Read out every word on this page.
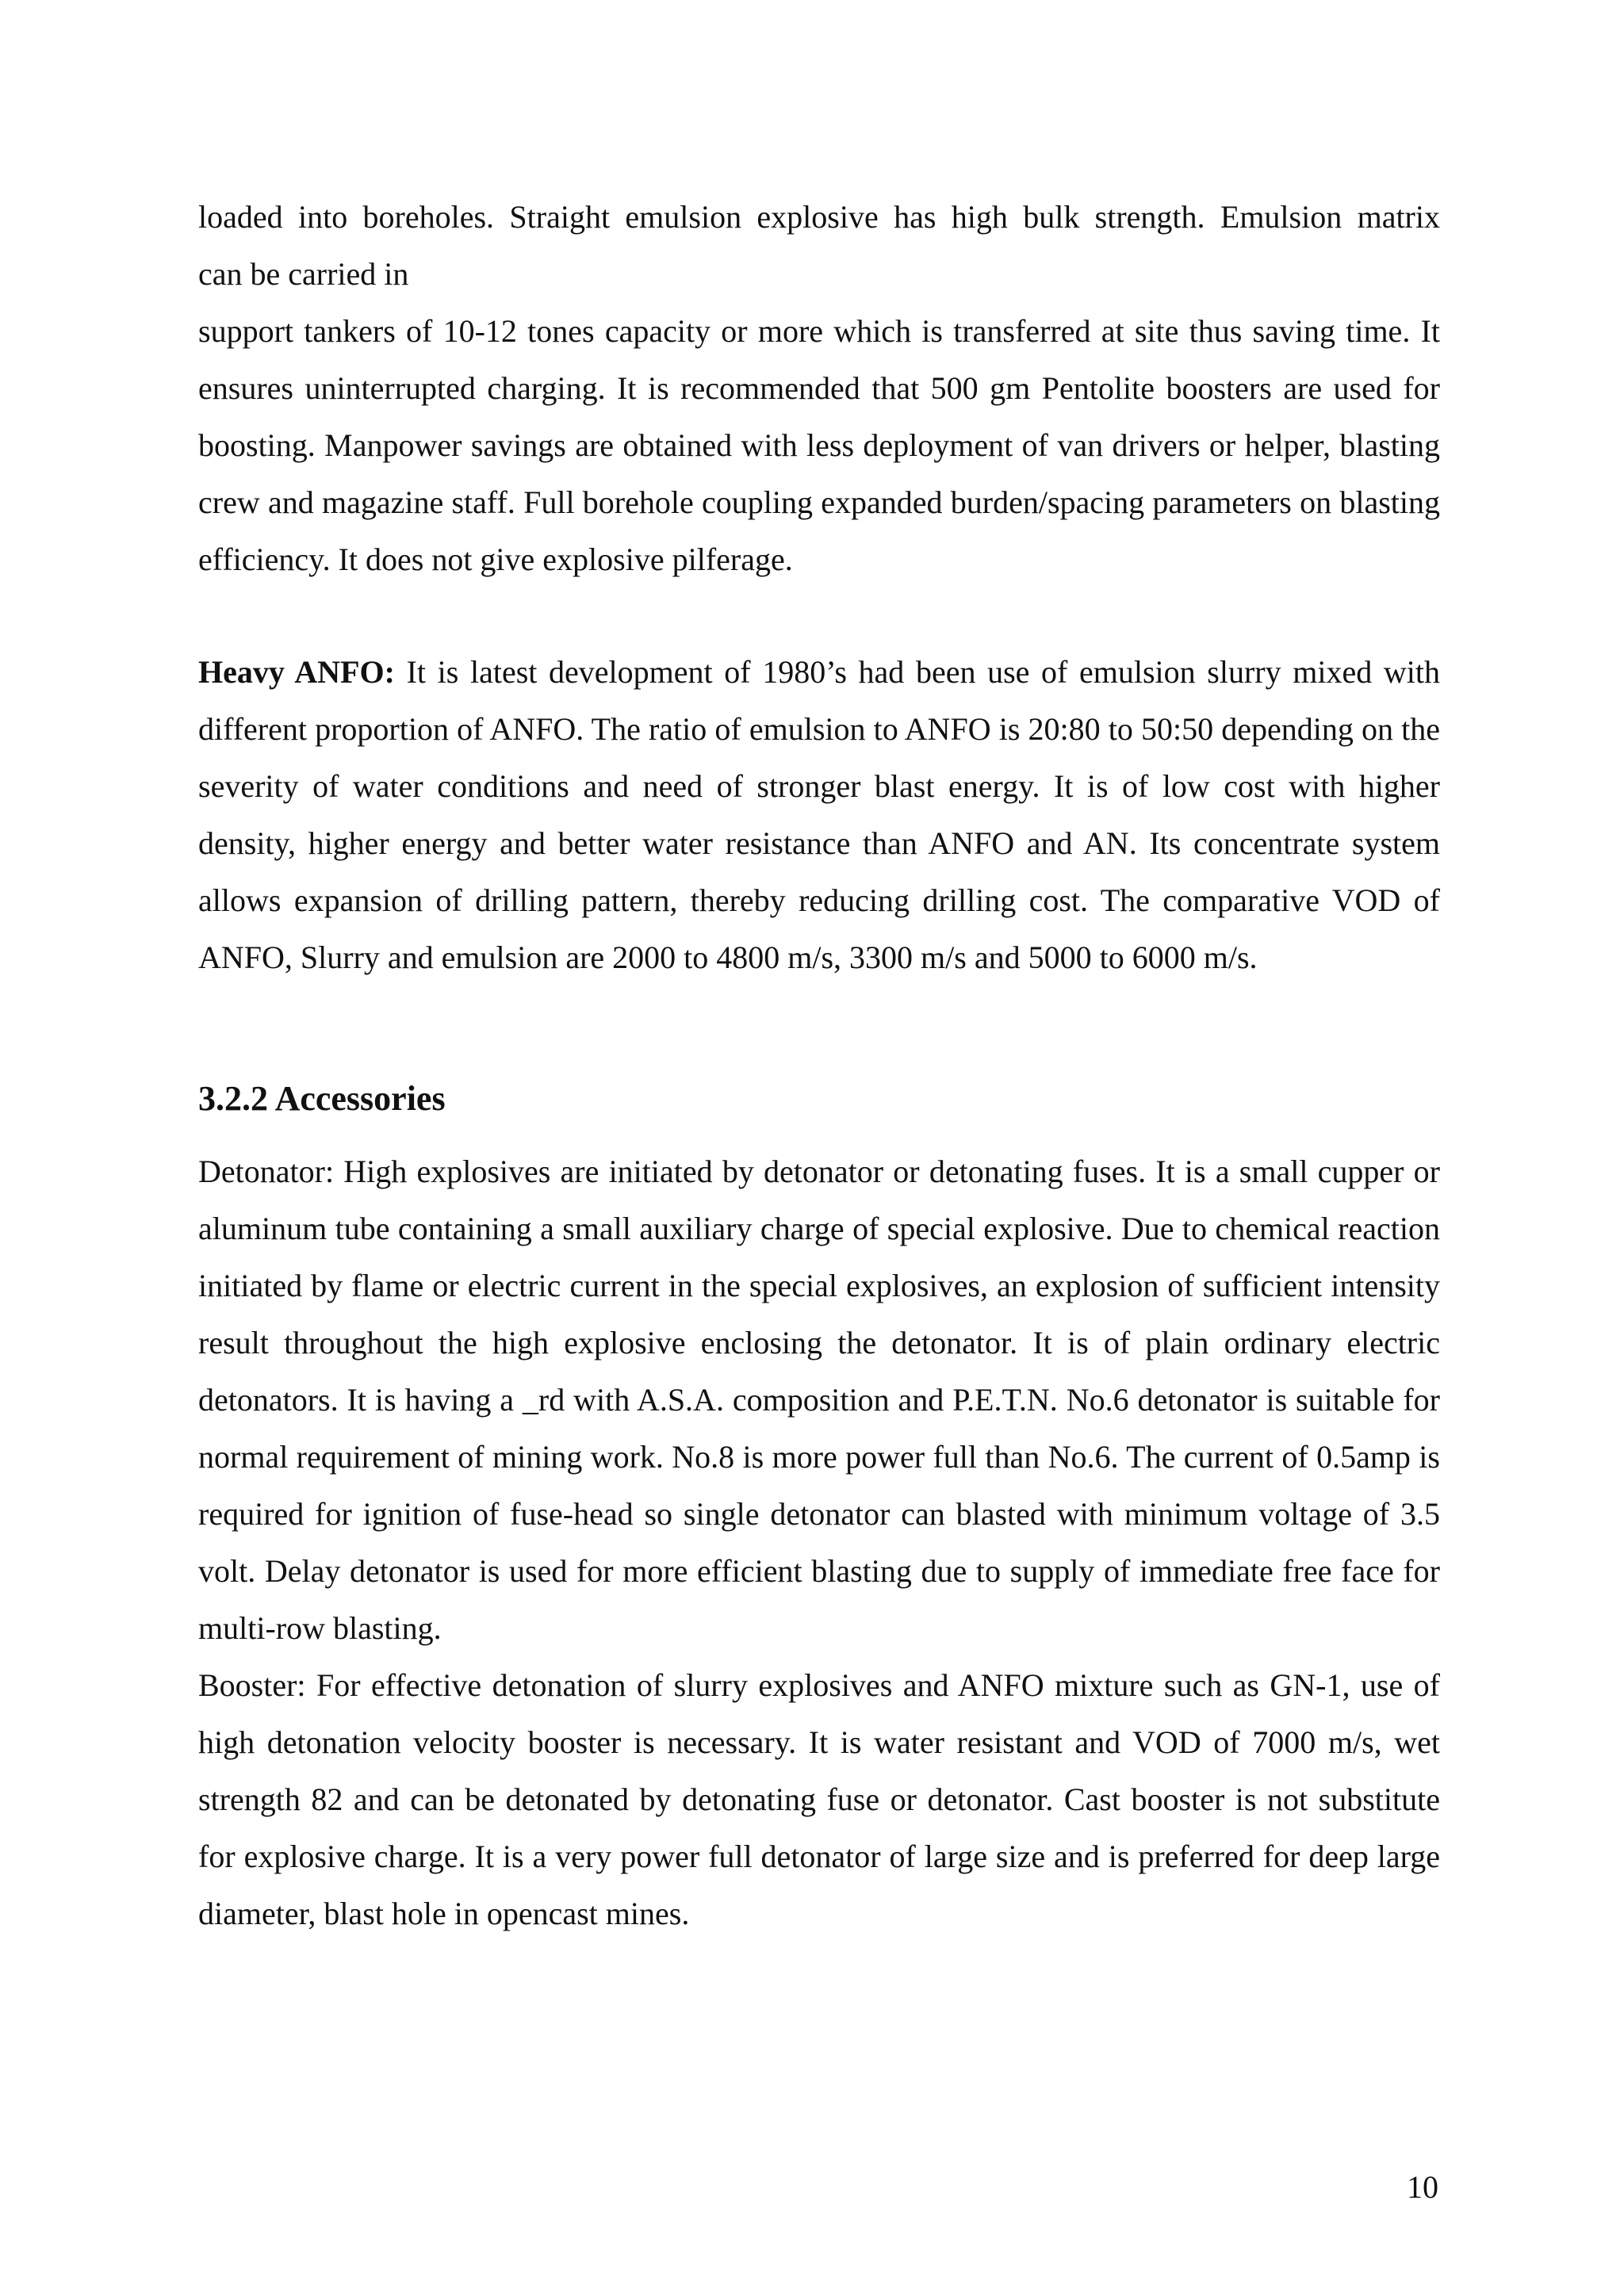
loaded into boreholes. Straight emulsion explosive has high bulk strength. Emulsion matrix

can be carried in

support tankers of 10-12 tones capacity or more which is transferred at site thus saving time. It ensures uninterrupted charging. It is recommended that 500 gm Pentolite boosters are used for boosting. Manpower savings are obtained with less deployment of van drivers or helper, blasting crew and magazine staff. Full borehole coupling expanded burden/spacing parameters on blasting efficiency. It does not give explosive pilferage.

Heavy ANFO: It is latest development of 1980’s had been use of emulsion slurry mixed with different proportion of ANFO. The ratio of emulsion to ANFO is 20:80 to 50:50 depending on the severity of water conditions and need of stronger blast energy. It is of low cost with higher density, higher energy and better water resistance than ANFO and AN. Its concentrate system allows expansion of drilling pattern, thereby reducing drilling cost. The comparative VOD of ANFO, Slurry and emulsion are 2000 to 4800 m/s, 3300 m/s and 5000 to 6000 m/s.

3.2.2 Accessories

Detonator: High explosives are initiated by detonator or detonating fuses. It is a small cupper or aluminum tube containing a small auxiliary charge of special explosive. Due to chemical reaction initiated by flame or electric current in the special explosives, an explosion of sufficient intensity result throughout the high explosive enclosing the detonator. It is of plain ordinary electric detonators. It is having a _rd with A.S.A. composition and P.E.T.N. No.6 detonator is suitable for normal requirement of mining work. No.8 is more power full than No.6. The current of 0.5amp is required for ignition of fuse-head so single detonator can blasted with minimum voltage of 3.5 volt. Delay detonator is used for more efficient blasting due to supply of immediate free face for multi-row blasting.

Booster: For effective detonation of slurry explosives and ANFO mixture such as GN-1, use of high detonation velocity booster is necessary. It is water resistant and VOD of 7000 m/s, wet strength 82 and can be detonated by detonating fuse or detonator. Cast booster is not substitute for explosive charge. It is a very power full detonator of large size and is preferred for deep large diameter, blast hole in opencast mines.

10
